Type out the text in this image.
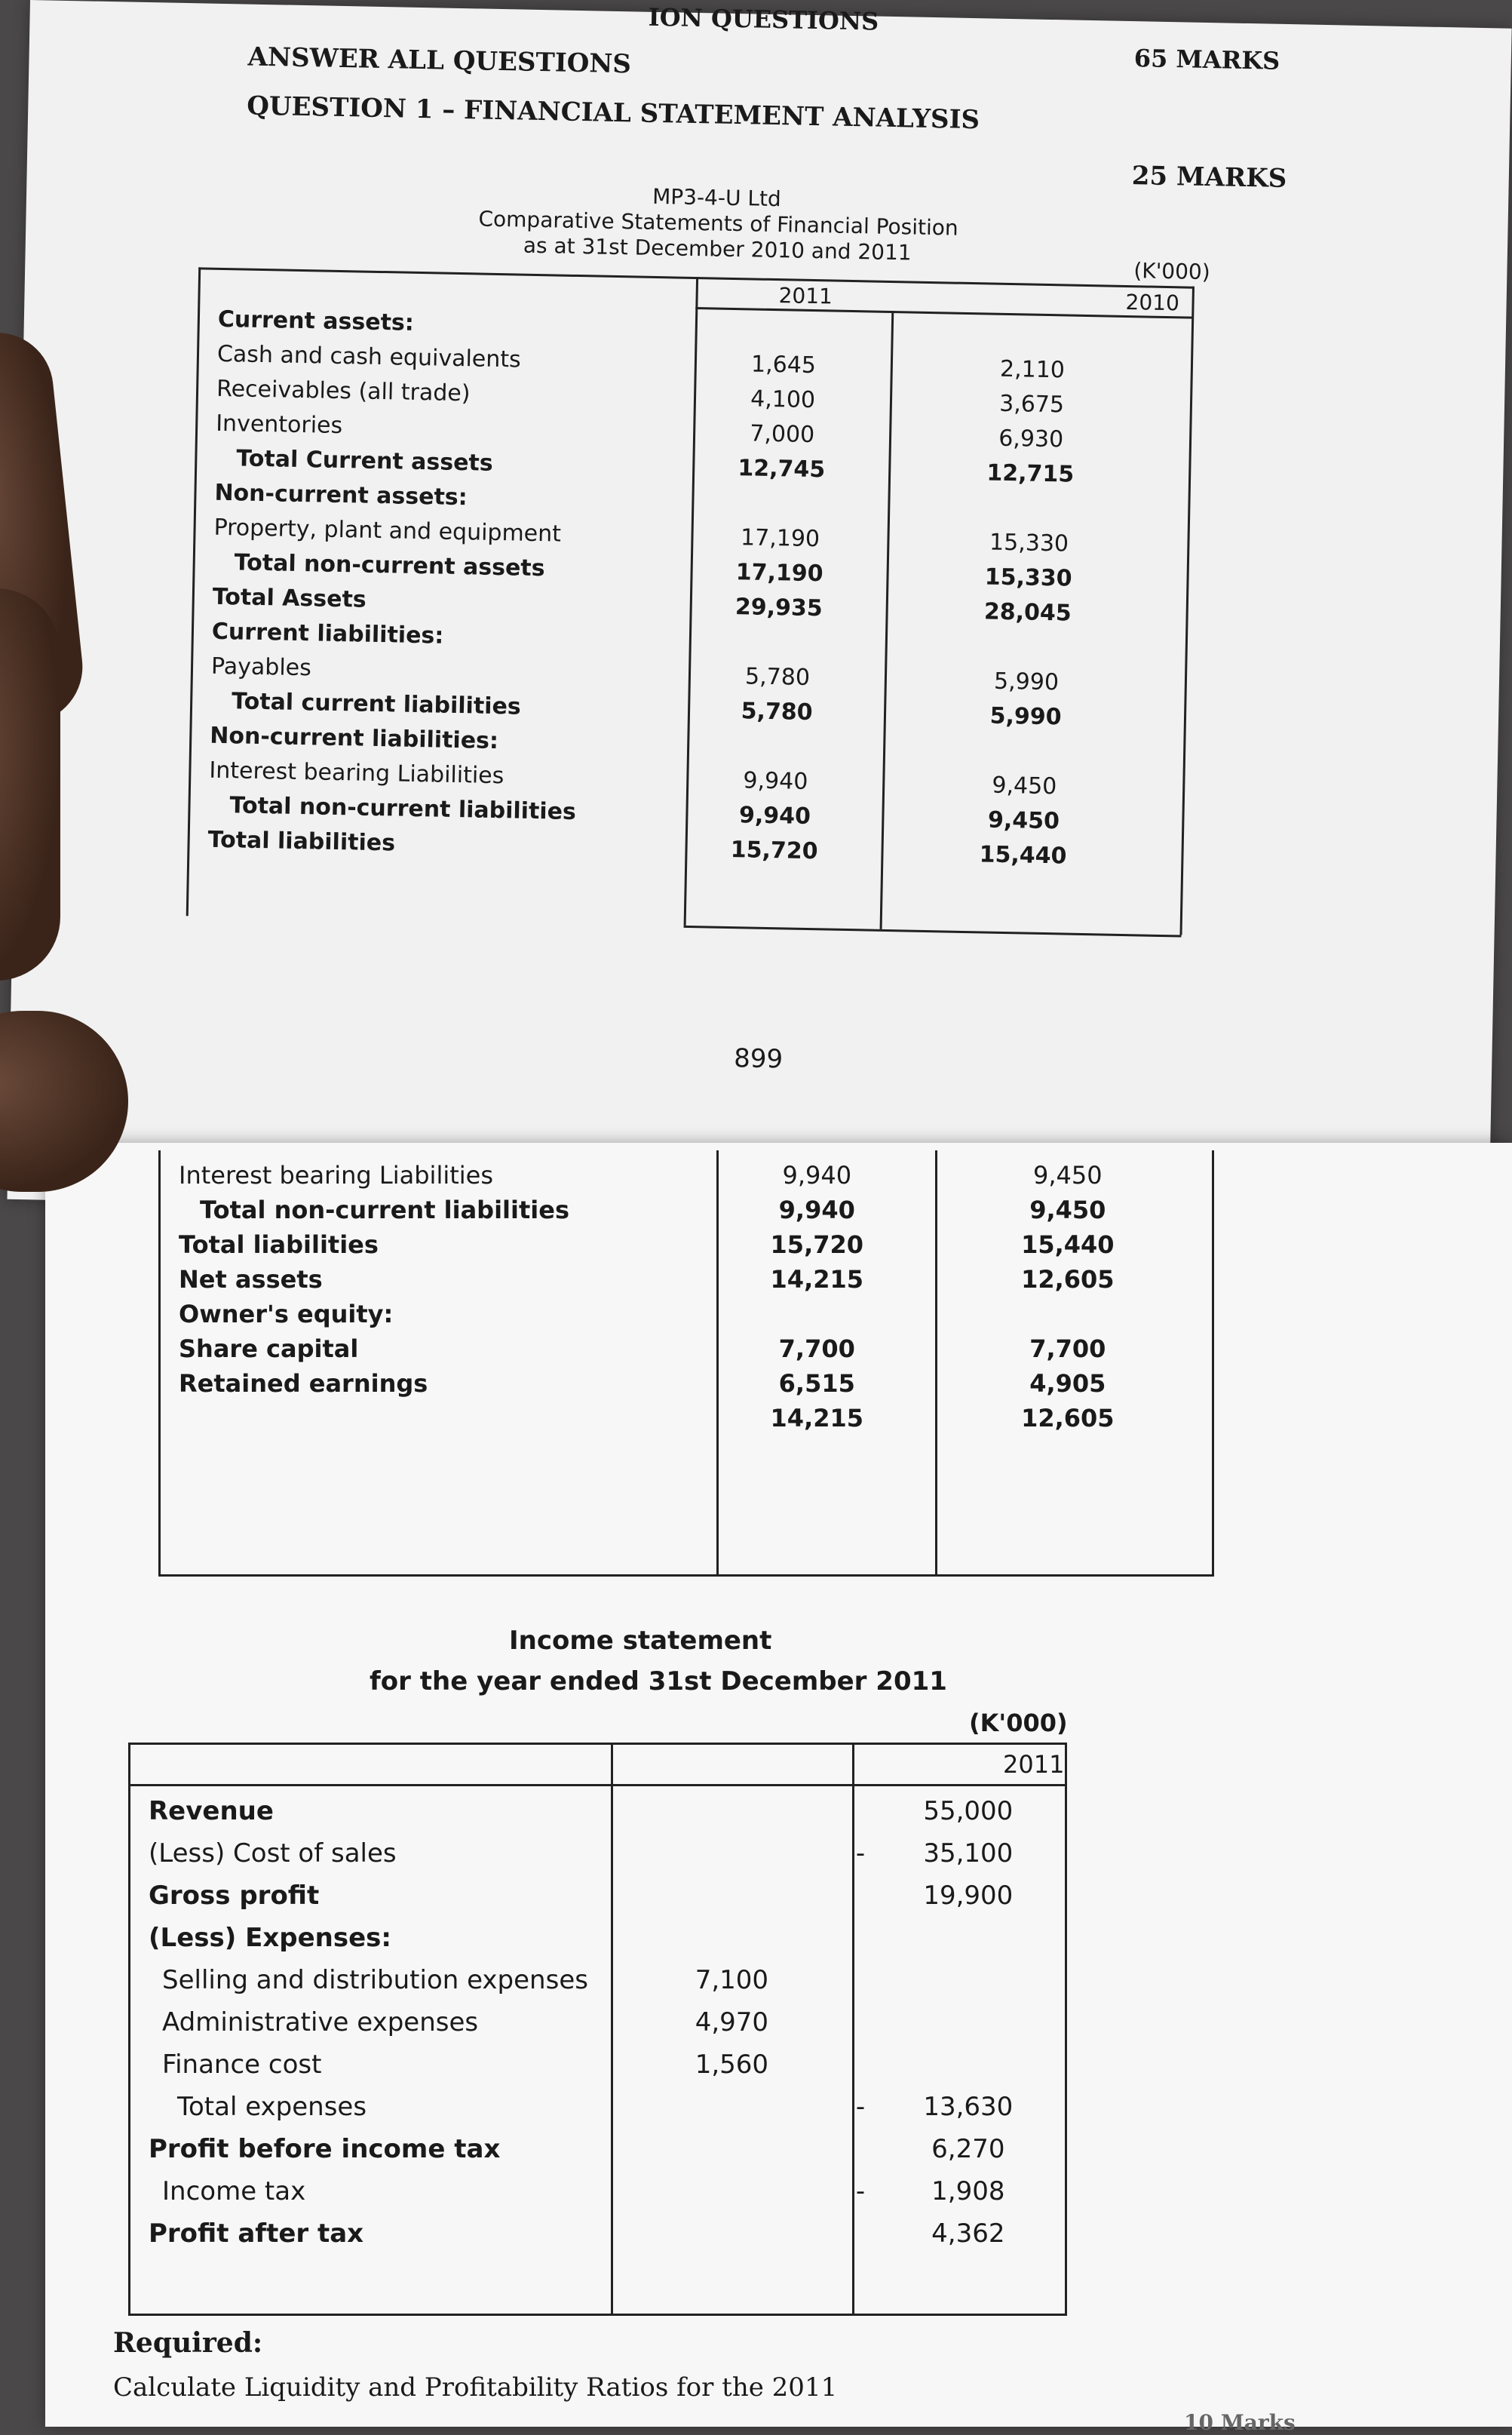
ION QUESTIONS
65 MARKS
ANSWER ALL QUESTIONS
QUESTION 1 – FINANCIAL STATEMENT ANALYSIS
25 MARKS
MP3-4-U Ltd
Comparative Statements of Financial Position
as at 31st December 2010 and 2011
(K'000)
2011	2010
Current assets:		
Cash and cash equivalents	1,645	2,110
Receivables (all trade)	4,100	3,675
Inventories	7,000	6,930
Total Current assets	12,745	12,715
Non-current assets:		
Property, plant and equipment	17,190	15,330
Total non-current assets	17,190	15,330
Total Assets	29,935	28,045
Current liabilities:		
Payables	5,780	5,990
Total current liabilities	5,780	5,990
Non-current liabilities:		
Interest bearing Liabilities	9,940	9,450
Total non-current liabilities	9,940	9,450
Total liabilities	15,720	15,440
899
Interest bearing Liabilities	9,940	9,450
Total non-current liabilities	9,940	9,450
Total liabilities	15,720	15,440
Net assets	14,215	12,605
Owner's equity:		
Share capital	7,700	7,700
Retained earnings	6,515	4,905
	14,215	12,605
Income statement
for the year ended 31st December 2011
(K'000)
2011
Revenue			55,000
(Less) Cost of sales		-	35,100
Gross profit			19,900
(Less) Expenses:			
Selling and distribution expenses	7,100		
Administrative expenses	4,970		
Finance cost	1,560		
Total expenses		-	13,630
Profit before income tax			6,270
Income tax		-	1,908
Profit after tax			4,362
Required:
Calculate Liquidity and Profitability Ratios for the 2011
10 Marks
